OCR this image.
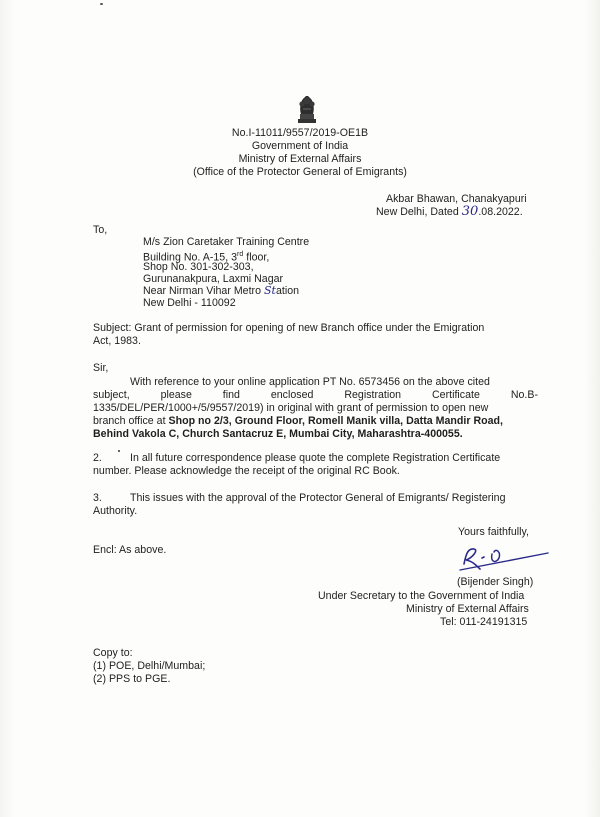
No.I-11011/9557/2019-OE1B
Government of India
Ministry of External Affairs
(Office of the Protector General of Emigrants)
Akbar Bhawan, Chanakyapuri
New Delhi, Dated 30.08.2022.
To,
M/s Zion Caretaker Training Centre
Building No. A-15, 3rd floor,
Shop No. 301-302-303,
Gurunanakpura, Laxmi Nagar
Near Nirman Vihar Metro Station
New Delhi - 110092
Subject: Grant of permission for opening of new Branch office under the Emigration
Act, 1983.
Sir,
With reference to your online application PT No. 6573456 on the above cited
subject,	please	find	enclosed	Registration	Certificate	No.B-
1335/DEL/PER/1000+/5/9557/2019) in original with grant of permission to open new
branch office at Shop no 2/3, Ground Floor, Romell Manik villa, Datta Mandir Road,
Behind Vakola C, Church Santacruz E, Mumbai City, Maharashtra-400055.
2.	In all future correspondence please quote the complete Registration Certificate
number. Please acknowledge the receipt of the original RC Book.
3.	This issues with the approval of the Protector General of Emigrants/ Registering
Authority.
Yours faithfully,
Encl: As above.
(Bijender Singh)
Under Secretary to the Government of India
Ministry of External Affairs
Tel: 011-24191315
Copy to:
(1) POE, Delhi/Mumbai;
(2) PPS to PGE.
